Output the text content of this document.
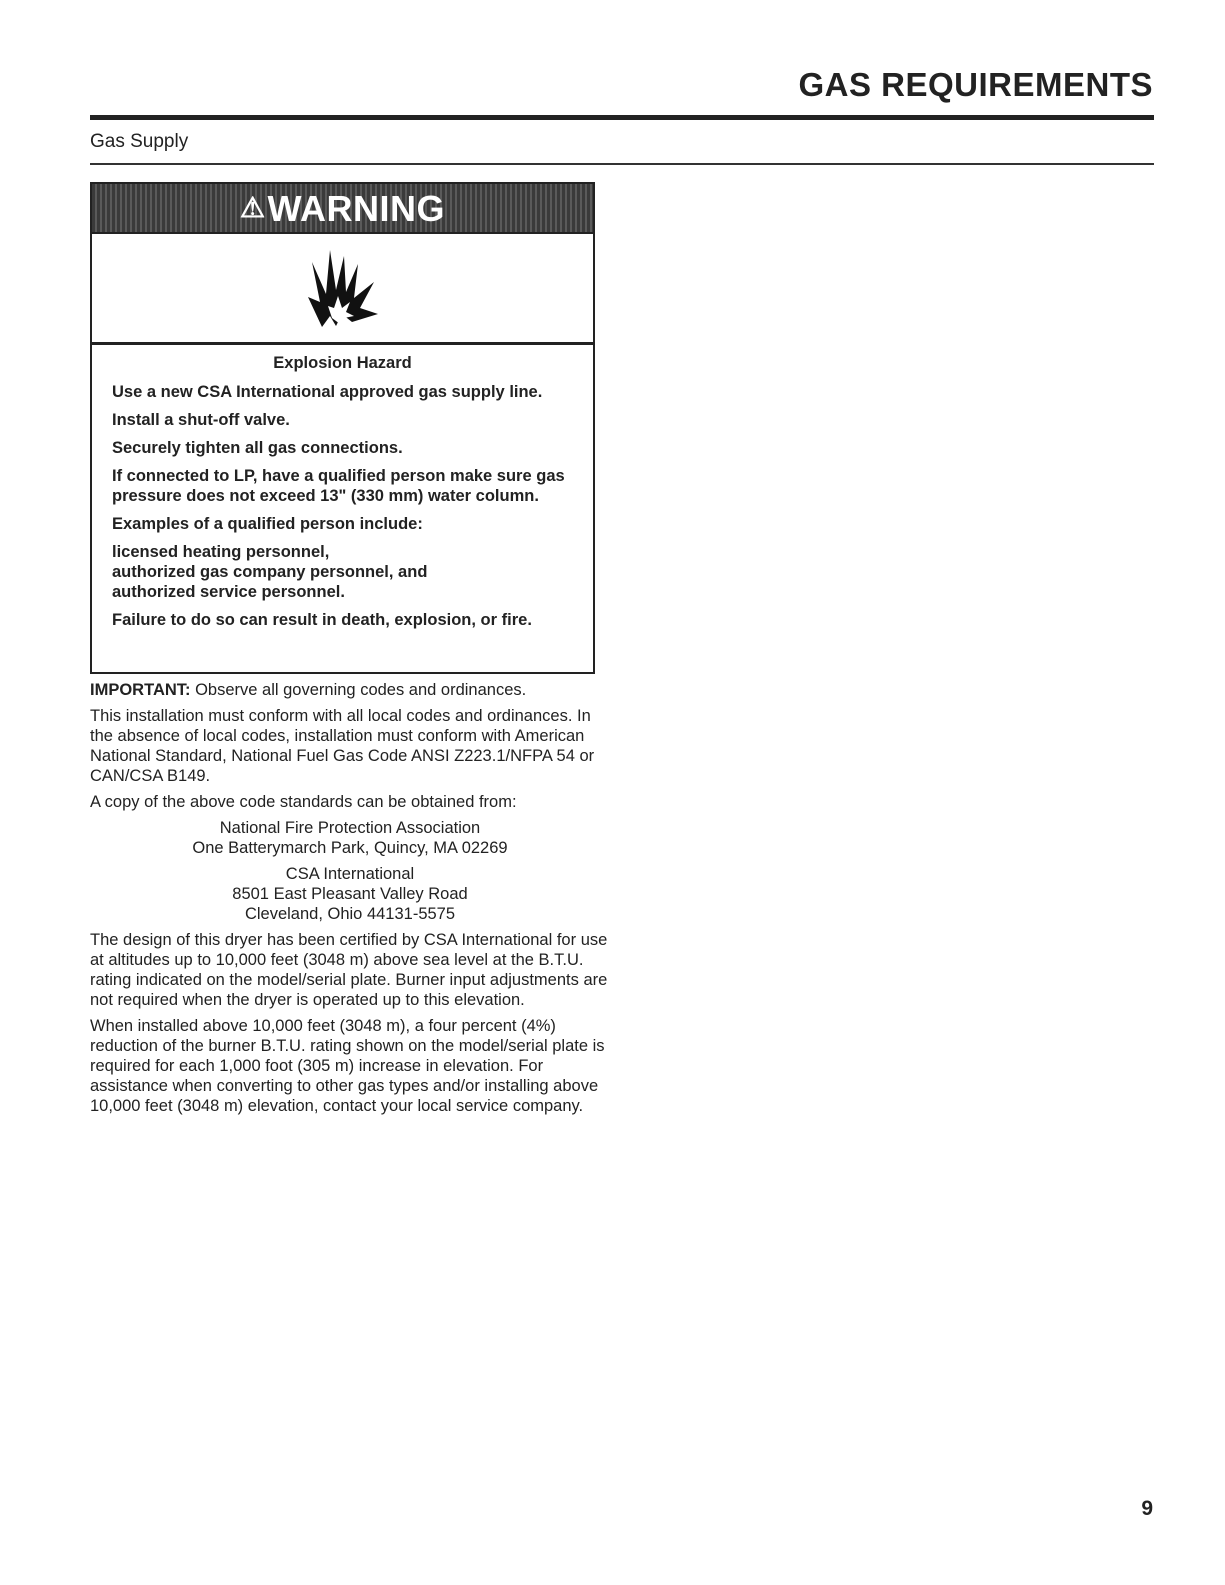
GAS REQUIREMENTS
Gas Supply
⚠WARNING
Explosion Hazard

Use a new CSA International approved gas supply line.

Install a shut-off valve.

Securely tighten all gas connections.

If connected to LP, have a qualified person make sure gas pressure does not exceed 13" (330 mm) water column.

Examples of a qualified person include:

licensed heating personnel,

authorized gas company personnel, and

authorized service personnel.

Failure to do so can result in death, explosion, or fire.

IMPORTANT: Observe all governing codes and ordinances.

This installation must conform with all local codes and ordinances. In the absence of local codes, installation must conform with American National Standard, National Fuel Gas Code ANSI Z223.1/NFPA 54 or CAN/CSA B149.

A copy of the above code standards can be obtained from:

National Fire Protection Association
One Batterymarch Park, Quincy, MA 02269
CSA International
8501 East Pleasant Valley Road
Cleveland, Ohio 44131-5575

The design of this dryer has been certified by CSA International for use at altitudes up to 10,000 feet (3048 m) above sea level at the B.T.U. rating indicated on the model/serial plate. Burner input adjustments are not required when the dryer is operated up to this elevation.

When installed above 10,000 feet (3048 m), a four percent (4%) reduction of the burner B.T.U. rating shown on the model/serial plate is required for each 1,000 foot (305 m) increase in elevation. For assistance when converting to other gas types and/or installing above 10,000 feet (3048 m) elevation, contact your local service company.

9
